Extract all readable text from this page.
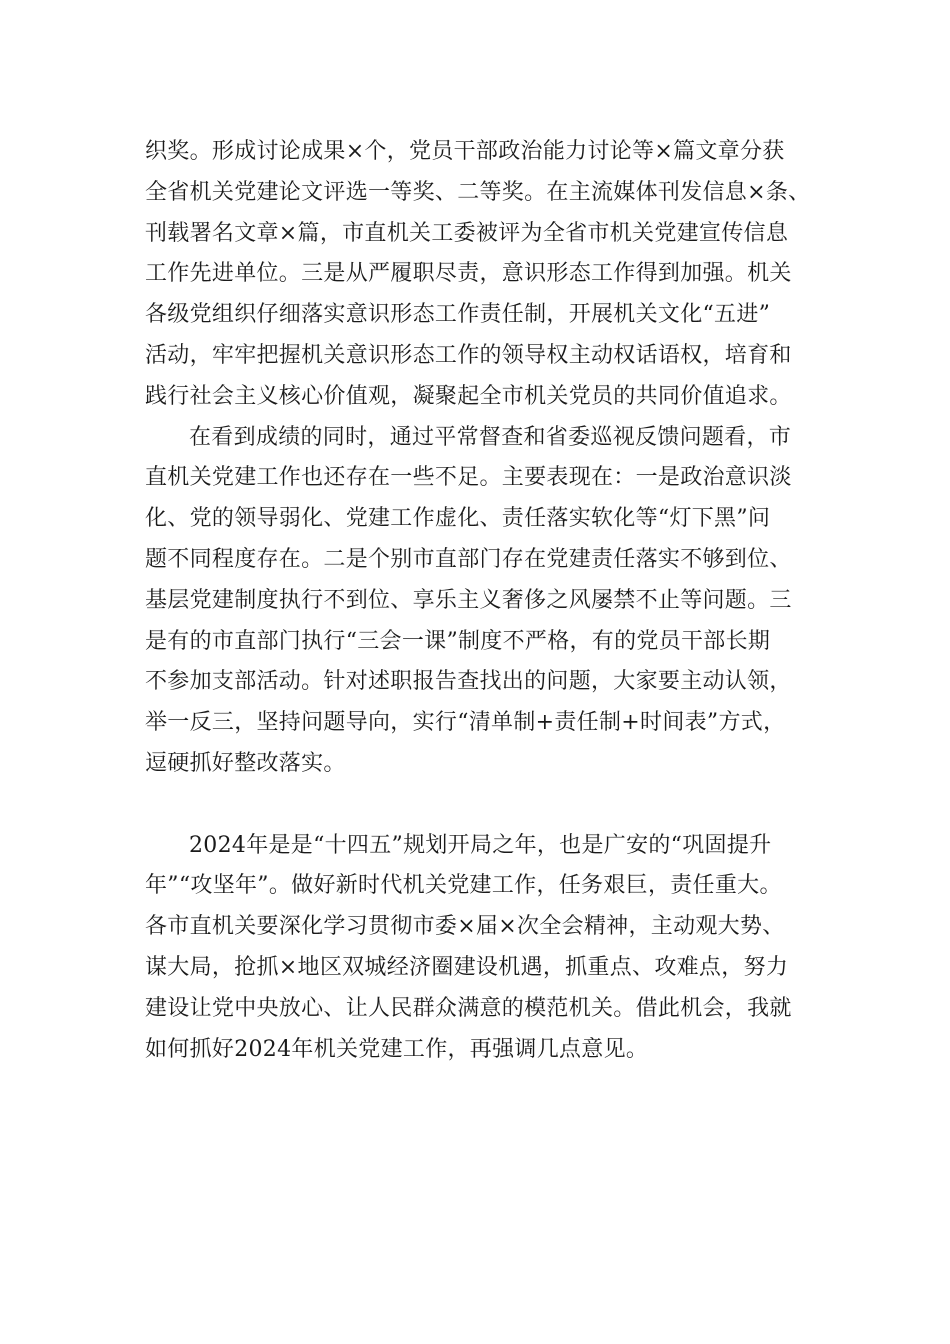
织奖。形成讨论成果×个，党员干部政治能力讨论等×篇文章分获
全省机关党建论文评选一等奖、二等奖。在主流媒体刊发信息×条、
刊载署名文章×篇，市直机关工委被评为全省市机关党建宣传信息
工作先进单位。三是从严履职尽责，意识形态工作得到加强。机关
各级党组织仔细落实意识形态工作责任制，开展机关文化“五进”
活动，牢牢把握机关意识形态工作的领导权主动权话语权，培育和
践行社会主义核心价值观，凝聚起全市机关党员的共同价值追求。
在看到成绩的同时，通过平常督查和省委巡视反馈问题看，市
直机关党建工作也还存在一些不足。主要表现在：一是政治意识淡
化、党的领导弱化、党建工作虚化、责任落实软化等“灯下黑”问
题不同程度存在。二是个别市直部门存在党建责任落实不够到位、
基层党建制度执行不到位、享乐主义奢侈之风屡禁不止等问题。三
是有的市直部门执行“三会一课”制度不严格，有的党员干部长期
不参加支部活动。针对述职报告查找出的问题，大家要主动认领，
举一反三，坚持问题导向，实行“清单制+责任制+时间表”方式，
逗硬抓好整改落实。
2024年是是“十四五”规划开局之年，也是广安的“巩固提升
年”“攻坚年”。做好新时代机关党建工作，任务艰巨，责任重大。
各市直机关要深化学习贯彻市委×届×次全会精神，主动观大势、
谋大局，抢抓×地区双城经济圈建设机遇，抓重点、攻难点，努力
建设让党中央放心、让人民群众满意的模范机关。借此机会，我就
如何抓好2024年机关党建工作，再强调几点意见。
